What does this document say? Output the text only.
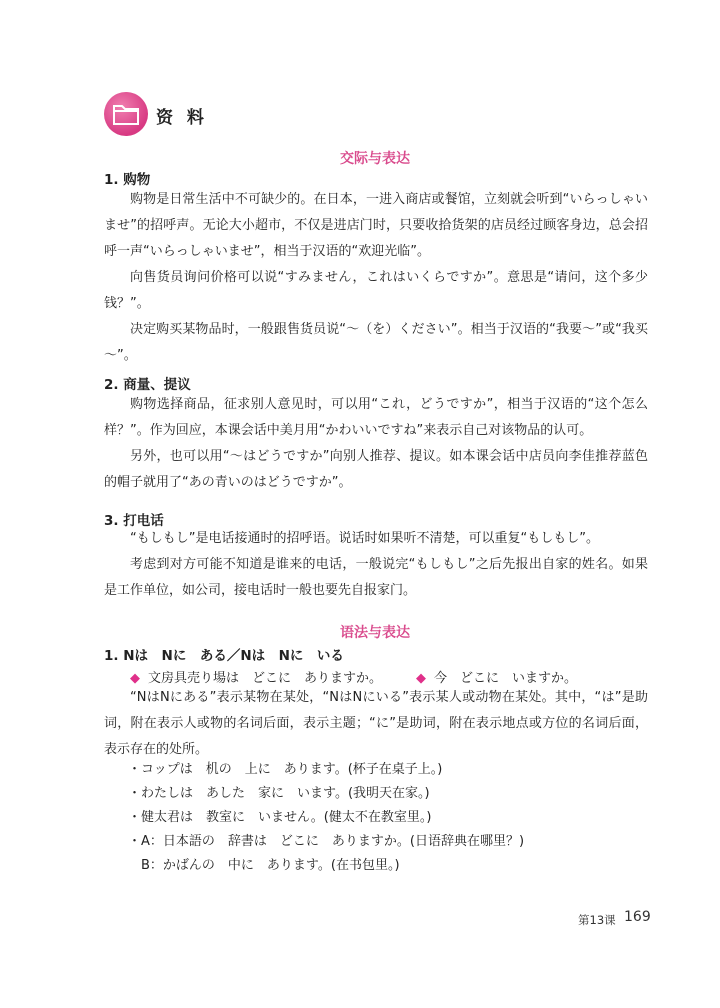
资 料
交际与表达
1. 购物
购物是日常生活中不可缺少的。在日本，一进入商店或餐馆，立刻就会听到“いらっしゃいませ”的招呼声。无论大小超市，不仅是进店门时，只要收拾货架的店员经过顾客身边，总会招呼一声“いらっしゃいませ”，相当于汉语的“欢迎光临”。
向售货员询问价格可以说“すみません，これはいくらですか”。意思是“请问，这个多少钱？”。
决定购买某物品时，一般跟售货员说“～（を）ください”。相当于汉语的“我要～”或“我买～”。
2. 商量、提议
购物选择商品，征求别人意见时，可以用“これ，どうですか”，相当于汉语的“这个怎么样？”。作为回应，本课会话中美月用“かわいいですね”来表示自己对该物品的认可。
另外，也可以用“～はどうですか”向别人推荐、提议。如本课会话中店员向李佳推荐蓝色的帽子就用了“あの青いのはどうですか”。
3. 打电话
“もしもし”是电话接通时的招呼语。说话时如果听不清楚，可以重复“もしもし”。
考虑到对方可能不知道是谁来的电话，一般说完“もしもし”之后先报出自家的姓名。如果是工作单位，如公司，接电话时一般也要先自报家门。
语法与表达
1. Nは　Nに　ある／Nは　Nに　いる
◆ 文房具売り場は　どこに　ありますか。	◆ 今　どこに　いますか。
“NはNにある”表示某物在某处，“NはNにいる”表示某人或动物在某处。其中，“は”是助词，附在表示人或物的名词后面，表示主题；“に”是助词，附在表示地点或方位的名词后面，表示存在的处所。
・コップは　机の　上に　あります。(杯子在桌子上。)
・わたしは　あした　家に　います。(我明天在家。)
・健太君は　教室に　いません。(健太不在教室里。)
・A：日本語の　辞書は　どこに　ありますか。(日语辞典在哪里？)
　B：かばんの　中に　あります。(在书包里。)
第13课 169
